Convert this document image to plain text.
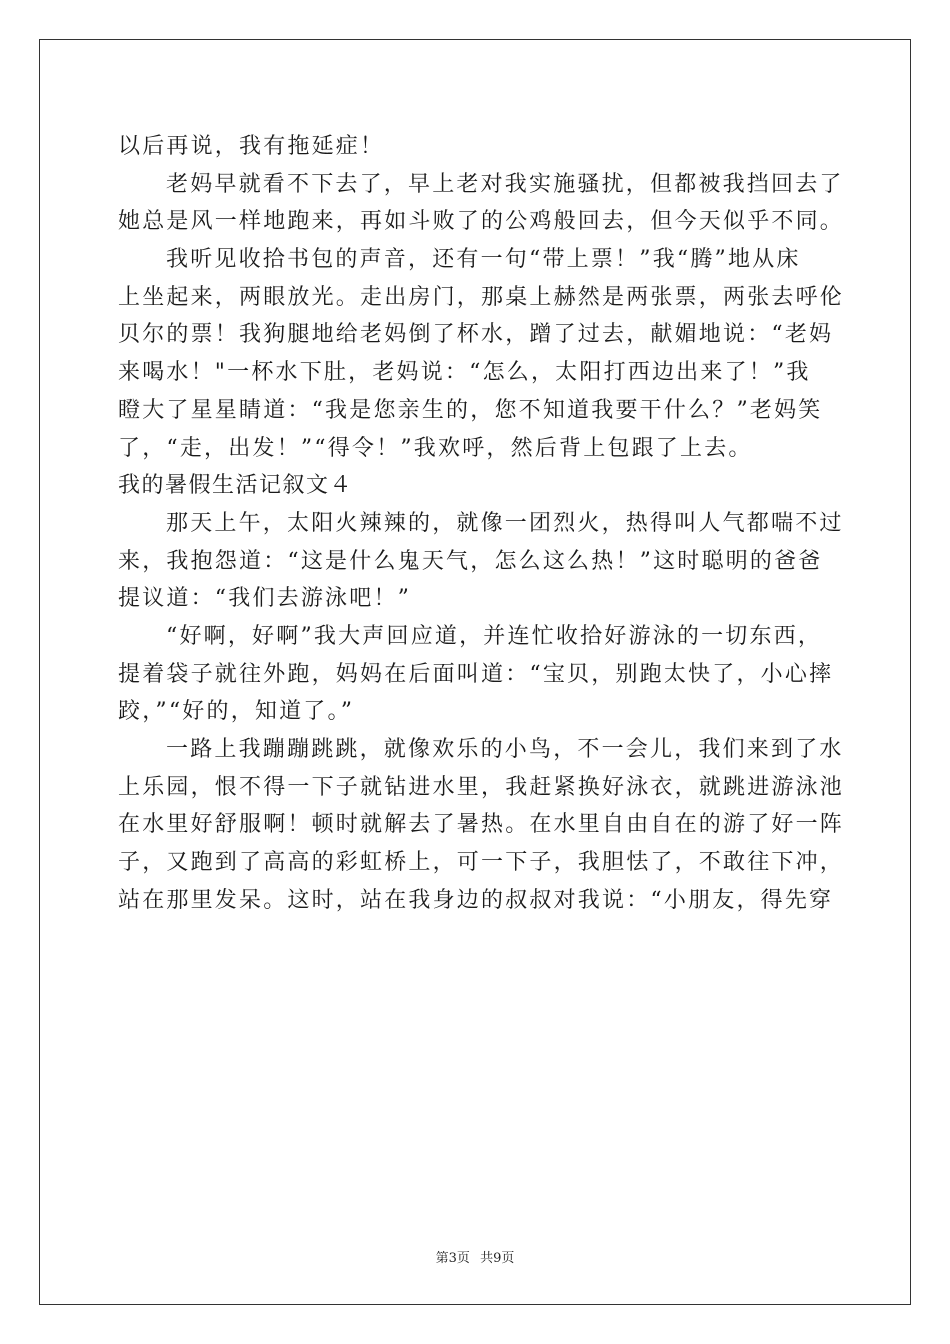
以后再说，我有拖延症！
老妈早就看不下去了，早上老对我实施骚扰，但都被我挡回去了
她总是风一样地跑来，再如斗败了的公鸡般回去，但今天似乎不同。
我听见收拾书包的声音，还有一句“带上票！”我“腾”地从床
上坐起来，两眼放光。走出房门，那桌上赫然是两张票，两张去呼伦
贝尔的票！我狗腿地给老妈倒了杯水，蹭了过去，献媚地说：“老妈
来喝水！"一杯水下肚，老妈说：“怎么，太阳打西边出来了！”我
瞪大了星星睛道：“我是您亲生的，您不知道我要干什么？”老妈笑
了，“走，出发！”“得令！”我欢呼，然后背上包跟了上去。
我的暑假生活记叙文４
那天上午，太阳火辣辣的，就像一团烈火，热得叫人气都喘不过
来，我抱怨道：“这是什么鬼天气，怎么这么热！”这时聪明的爸爸
提议道：“我们去游泳吧！”
“好啊，好啊”我大声回应道，并连忙收拾好游泳的一切东西，
提着袋子就往外跑，妈妈在后面叫道：“宝贝，别跑太快了，小心摔
跤，”“好的，知道了。”
一路上我蹦蹦跳跳，就像欢乐的小鸟，不一会儿，我们来到了水
上乐园，恨不得一下子就钻进水里，我赶紧换好泳衣，就跳进游泳池
在水里好舒服啊！顿时就解去了暑热。在水里自由自在的游了好一阵
子，又跑到了高高的彩虹桥上，可一下子，我胆怯了，不敢往下冲，
站在那里发呆。这时，站在我身边的叔叔对我说：“小朋友，得先穿
第3页 共9页
